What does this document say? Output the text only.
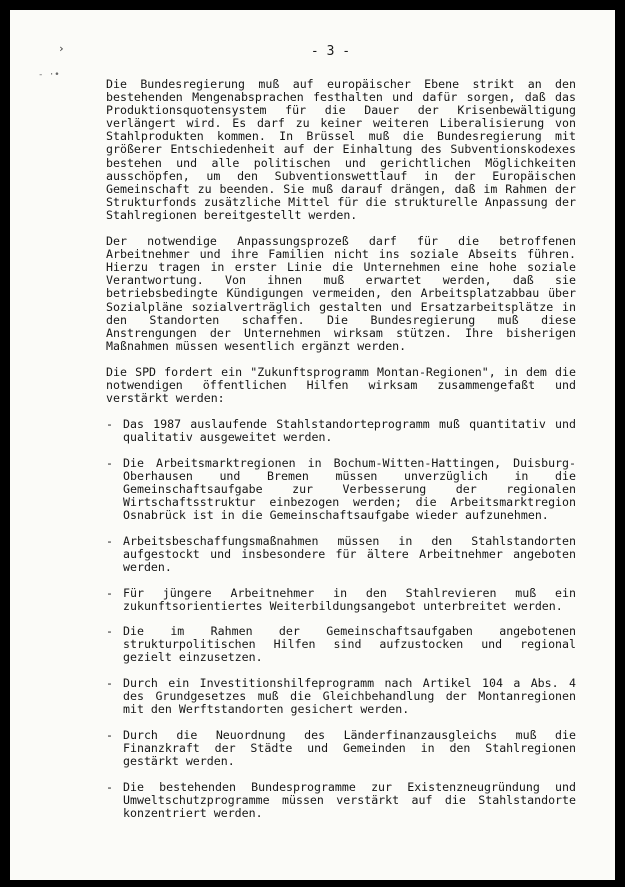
›
- ·•
- 3 -

Die Bundesregierung muß auf europäischer Ebene strikt an den bestehenden Mengenabsprachen festhalten und dafür sorgen, daß das Produktionsquotensystem für die Dauer der Krisenbewältigung verlängert wird. Es darf zu keiner weiteren Liberalisierung von Stahlprodukten kommen. In Brüssel muß die Bundesregierung mit größerer Entschiedenheit auf der Einhaltung des Subventionskodexes bestehen und alle politischen und gerichtlichen Möglichkeiten ausschöpfen, um den Subventionswettlauf in der Europäischen Gemeinschaft zu beenden. Sie muß darauf drängen, daß im Rahmen der Strukturfonds zusätzliche Mittel für die strukturelle Anpassung der Stahlregionen bereitgestellt werden.

Der notwendige Anpassungsprozeß darf für die betroffenen Arbeitnehmer und ihre Familien nicht ins soziale Abseits führen. Hierzu tragen in erster Linie die Unternehmen eine hohe soziale Verantwortung. Von ihnen muß erwartet werden, daß sie betriebsbedingte Kündigungen vermeiden, den Arbeitsplatzabbau über Sozialpläne sozialverträglich gestalten und Ersatzarbeitsplätze in den Standorten schaffen. Die Bundesregierung muß diese Anstrengungen der Unternehmen wirksam stützen. Ihre bisherigen Maßnahmen müssen wesentlich ergänzt werden.

Die SPD fordert ein "Zukunftsprogramm Montan-Regionen", in dem die notwendigen öffentlichen Hilfen wirksam zusammengefaßt und verstärkt werden:

- Das 1987 auslaufende Stahlstandorteprogramm muß quantitativ und qualitativ ausgeweitet werden.
- Die Arbeitsmarktregionen in Bochum-Witten-Hattingen, Duisburg-Oberhausen und Bremen müssen unverzüglich in die Gemeinschaftsaufgabe zur Verbesserung der regionalen Wirtschaftsstruktur einbezogen werden; die Arbeitsmarktregion Osnabrück ist in die Gemeinschaftsaufgabe wieder aufzunehmen.
- Arbeitsbeschaffungsmaßnahmen müssen in den Stahlstandorten aufgestockt und insbesondere für ältere Arbeitnehmer angeboten werden.
- Für jüngere Arbeitnehmer in den Stahlrevieren muß ein zukunftsorientiertes Weiterbildungsangebot unterbreitet werden.
- Die im Rahmen der Gemeinschaftsaufgaben angebotenen strukturpolitischen Hilfen sind aufzustocken und regional gezielt einzusetzen.
- Durch ein Investitionshilfeprogramm nach Artikel 104 a Abs. 4 des Grundgesetzes muß die Gleichbehandlung der Montanregionen mit den Werftstandorten gesichert werden.
- Durch die Neuordnung des Länderfinanzausgleichs muß die Finanzkraft der Städte und Gemeinden in den Stahlregionen gestärkt werden.
- Die bestehenden Bundesprogramme zur Existenzneugründung und Umweltschutzprogramme müssen verstärkt auf die Stahlstandorte konzentriert werden.
